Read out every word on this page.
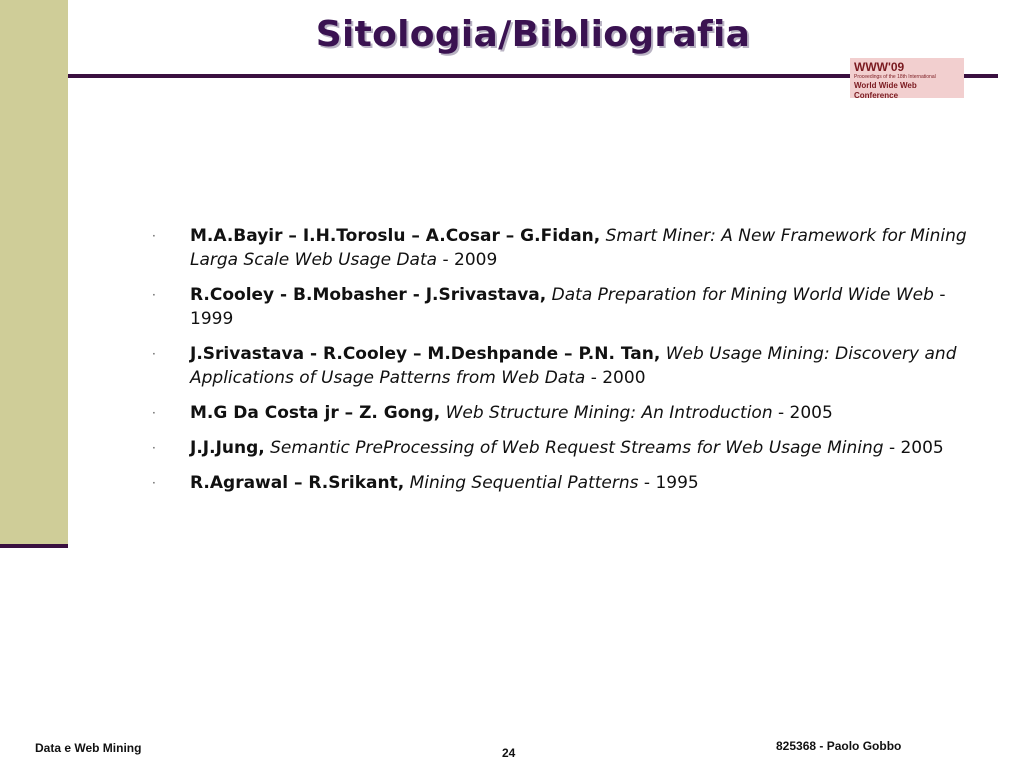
Sitologia/Bibliografia
WWW'09
Proceedings of the 18th International
World Wide Web Conference
· M.A.Bayir – I.H.Toroslu – A.Cosar – G.Fidan, Smart Miner: A New Framework for Mining Larga Scale Web Usage Data - 2009
· R.Cooley - B.Mobasher - J.Srivastava, Data Preparation for Mining World Wide Web - 1999
· J.Srivastava - R.Cooley – M.Deshpande – P.N. Tan, Web Usage Mining: Discovery and Applications of Usage Patterns from Web Data - 2000
· M.G Da Costa jr – Z. Gong, Web Structure Mining: An Introduction - 2005
· J.J.Jung, Semantic PreProcessing of Web Request Streams for Web Usage Mining - 2005
· R.Agrawal – R.Srikant, Mining Sequential Patterns - 1995
Data e Web Mining	24	825368 - Paolo Gobbo
